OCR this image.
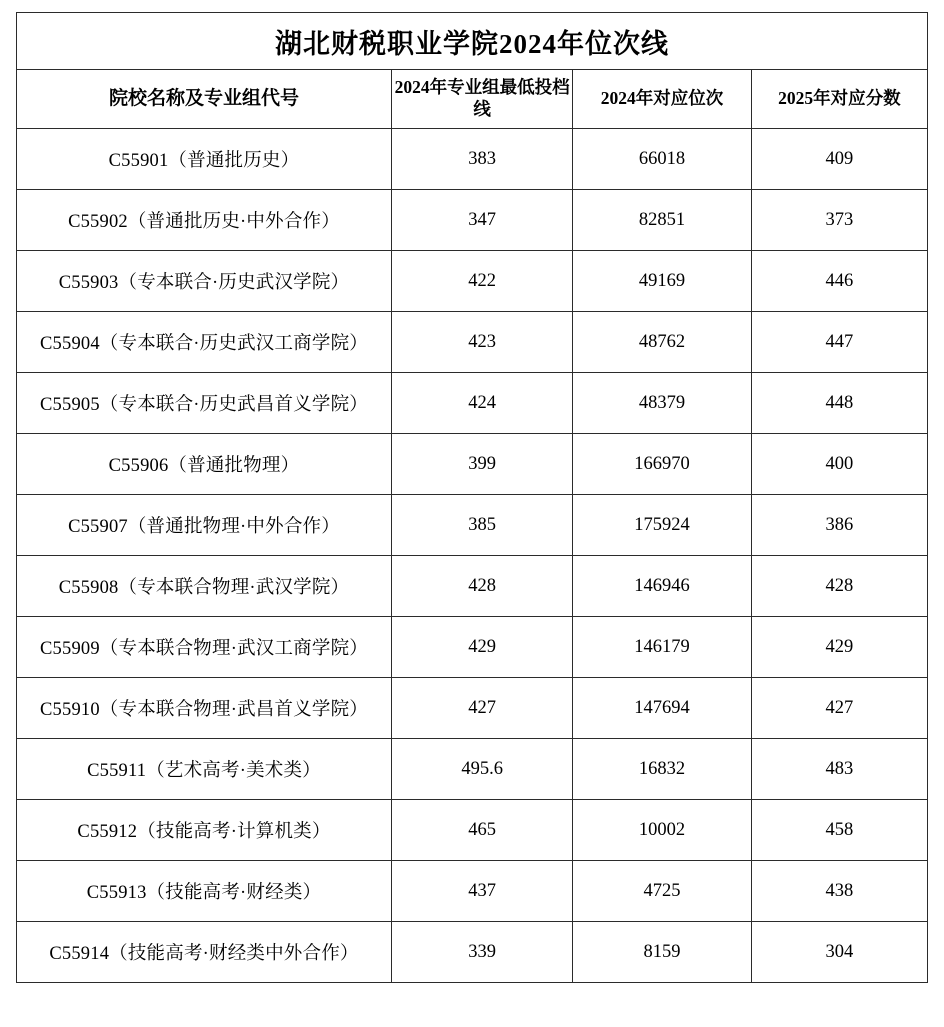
湖北财税职业学院2024年位次线			
院校名称及专业组代号	2024年专业组最低投档线	2024年对应位次	2025年对应分数
C55901（普通批历史）	383	66018	409
C55902（普通批历史·中外合作）	347	82851	373
C55903（专本联合·历史武汉学院）	422	49169	446
C55904（专本联合·历史武汉工商学院）	423	48762	447
C55905（专本联合·历史武昌首义学院）	424	48379	448
C55906（普通批物理）	399	166970	400
C55907（普通批物理·中外合作）	385	175924	386
C55908（专本联合物理·武汉学院）	428	146946	428
C55909（专本联合物理·武汉工商学院）	429	146179	429
C55910（专本联合物理·武昌首义学院）	427	147694	427
C55911（艺术高考·美术类）	495.6	16832	483
C55912（技能高考·计算机类）	465	10002	458
C55913（技能高考·财经类）	437	4725	438
C55914（技能高考·财经类中外合作）	339	8159	304
